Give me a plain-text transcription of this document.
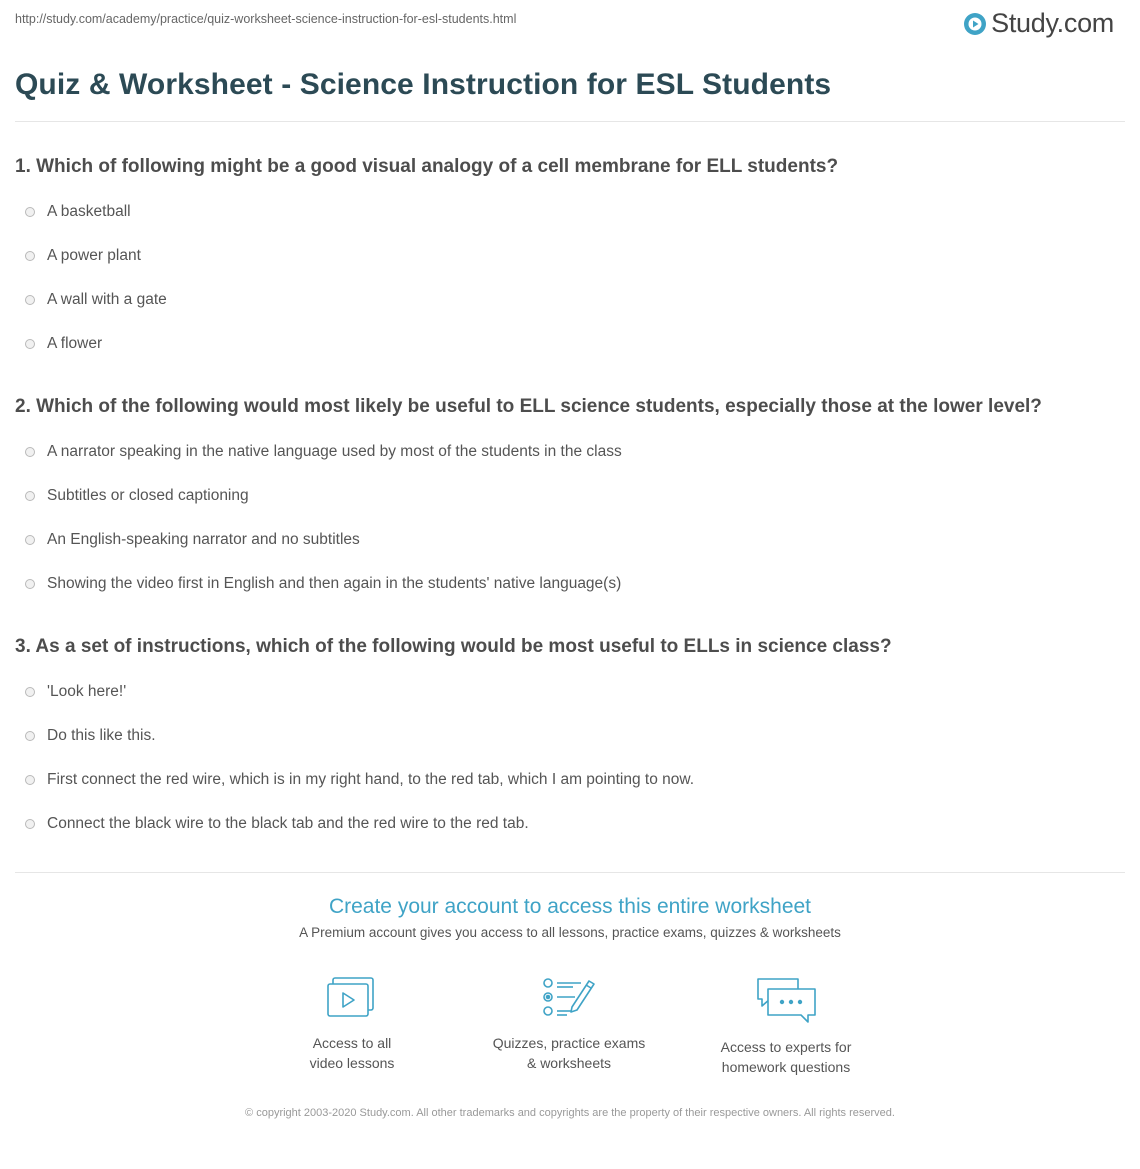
http://study.com/academy/practice/quiz-worksheet-science-instruction-for-esl-students.html	Study.com
Quiz & Worksheet - Science Instruction for ESL Students

1. Which of following might be a good visual analogy of a cell membrane for ELL students?

A basketball
A power plant
A wall with a gate
A flower

2. Which of the following would most likely be useful to ELL science students, especially those at the lower level?

A narrator speaking in the native language used by most of the students in the class
Subtitles or closed captioning
An English-speaking narrator and no subtitles
Showing the video first in English and then again in the students' native language(s)

3. As a set of instructions, which of the following would be most useful to ELLs in science class?

'Look here!'
Do this like this.
First connect the red wire, which is in my right hand, to the red tab, which I am pointing to now.
Connect the black wire to the black tab and the red wire to the red tab.
Create your account to access this entire worksheet
A Premium account gives you access to all lessons, practice exams, quizzes & worksheets
Access to all
video lessons
Quizzes, practice exams
& worksheets
Access to experts for
homework questions
© copyright 2003-2020 Study.com. All other trademarks and copyrights are the property of their respective owners. All rights reserved.
